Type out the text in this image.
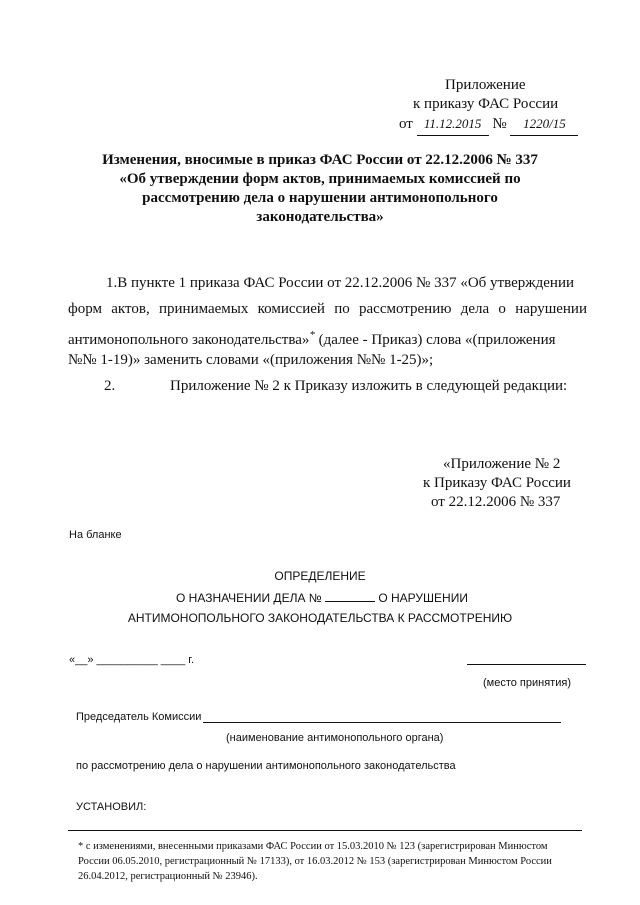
Приложение
к приказу ФАС России
от 11.12.2015 № 1220/15
Изменения, вносимые в приказ ФАС России от 22.12.2006 № 337
«Об утверждении форм актов, принимаемых комиссией по
рассмотрению дела о нарушении антимонопольного
законодательства»
1.В пункте 1 приказа ФАС России от 22.12.2006 № 337 «Об утверждении
форм актов, принимаемых комиссией по рассмотрению дела о нарушении
антимонопольного законодательства»* (далее - Приказ) слова «(приложения
№№ 1-19)» заменить словами «(приложения №№ 1-25)»;
2.	Приложение № 2 к Приказу изложить в следующей редакции:
«Приложение № 2
к Приказу ФАС России
от 22.12.2006 № 337
На бланке
ОПРЕДЕЛЕНИЕ
О НАЗНАЧЕНИИ ДЕЛА №	О НАРУШЕНИИ
АНТИМОНОПОЛЬНОГО ЗАКОНОДАТЕЛЬСТВА К РАССМОТРЕНИЮ
«__» __________ ____ г.
(место принятия)
Председатель Комиссии
(наименование антимонопольного органа)
по рассмотрению дела о нарушении антимонопольного законодательства
УСТАНОВИЛ:
* с изменениями, внесенными приказами ФАС России от 15.03.2010 № 123 (зарегистрирован Минюстом
России 06.05.2010, регистрационный № 17133), от 16.03.2012 № 153 (зарегистрирован Минюстом России
26.04.2012, регистрационный № 23946).
